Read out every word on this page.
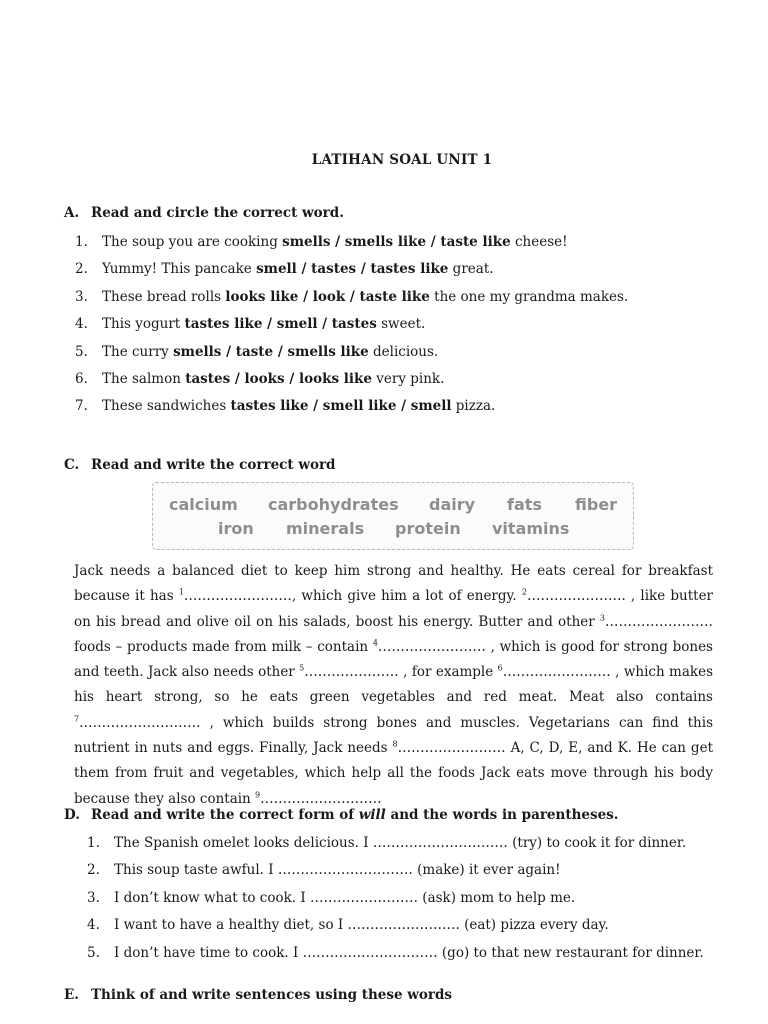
LATIHAN SOAL UNIT 1
A. Read and circle the correct word.
1. The soup you are cooking smells / smells like / taste like cheese!
2. Yummy! This pancake smell / tastes / tastes like great.
3. These bread rolls looks like / look / taste like the one my grandma makes.
4. This yogurt tastes like / smell / tastes sweet.
5. The curry smells / taste / smells like delicious.
6. The salmon tastes / looks / looks like very pink.
7. These sandwiches tastes like / smell like / smell pizza.
C. Read and write the correct word
calcium carbohydrates dairy fats fiber
iron minerals protein vitamins
Jack needs a balanced diet to keep him strong and healthy. He eats cereal for breakfast because it has $^1$……………………, which give him a lot of energy. $^2$…………………. , like butter on his bread and olive oil on his salads, boost his energy. Butter and other $^3$…………………… foods – products made from milk – contain $^4$…………………… , which is good for strong bones and teeth. Jack also needs other $^5$………………… , for example $^6$…………………… , which makes his heart strong, so he eats green vegetables and red meat. Meat also contains $^7$……………………… , which builds strong bones and muscles. Vegetarians can find this nutrient in nuts and eggs. Finally, Jack needs $^8$…………………… A, C, D, E, and K. He can get them from fruit and vegetables, which help all the foods Jack eats move through his body because they also contain $^9$………………………
D. Read and write the correct form of will and the words in parentheses.
1. The Spanish omelet looks delicious. I ………………………… (try) to cook it for dinner.
2. This soup taste awful. I ………………………… (make) it ever again!
3. I don’t know what to cook. I …………………… (ask) mom to help me.
4. I want to have a healthy diet, so I ……………………. (eat) pizza every day.
5. I don’t have time to cook. I ………………………… (go) to that new restaurant for dinner.
E. Think of and write sentences using these words
